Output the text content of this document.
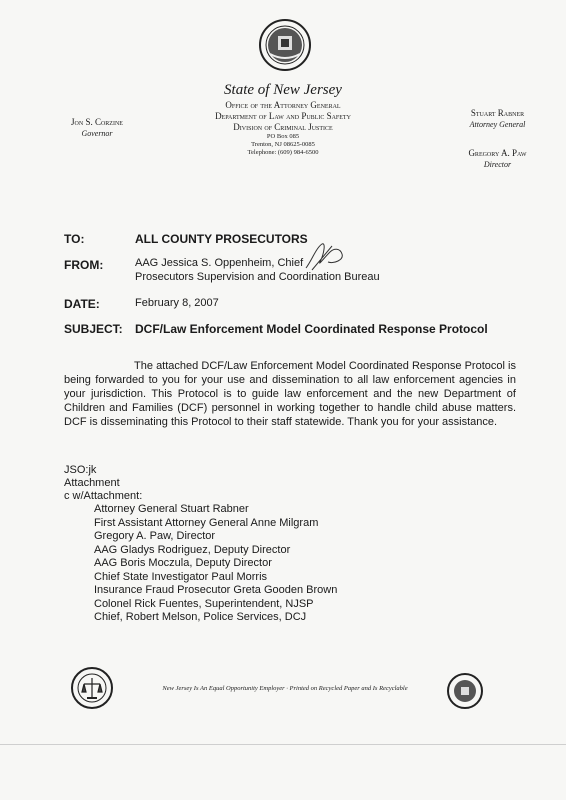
State of New Jersey
Office of the Attorney General
Department of Law and Public Safety
Division of Criminal Justice
PO Box 085
Trenton, NJ 08625-0085
Telephone: (609) 984-6500
Jon S. Corzine
Governor
Stuart Rabner
Attorney General
Gregory A. Paw
Director
TO:	ALL COUNTY PROSECUTORS
FROM:	AAG Jessica S. Oppenheim, Chief
Prosecutors Supervision and Coordination Bureau
DATE:	February 8, 2007
SUBJECT: DCF/Law Enforcement Model Coordinated Response Protocol

The attached DCF/Law Enforcement Model Coordinated Response Protocol is being forwarded to you for your use and dissemination to all law enforcement agencies in your jurisdiction. This Protocol is to guide law enforcement and the new Department of Children and Families (DCF) personnel in working together to handle child abuse matters. DCF is disseminating this Protocol to their staff statewide. Thank you for your assistance.

JSO:jk
Attachment
c w/Attachment:
Attorney General Stuart Rabner
First Assistant Attorney General Anne Milgram
Gregory A. Paw, Director
AAG Gladys Rodriguez, Deputy Director
AAG Boris Moczula, Deputy Director
Chief State Investigator Paul Morris
Insurance Fraud Prosecutor Greta Gooden Brown
Colonel Rick Fuentes, Superintendent, NJSP
Chief, Robert Melson, Police Services, DCJ
New Jersey Is An Equal Opportunity Employer · Printed on Recycled Paper and Is Recyclable
